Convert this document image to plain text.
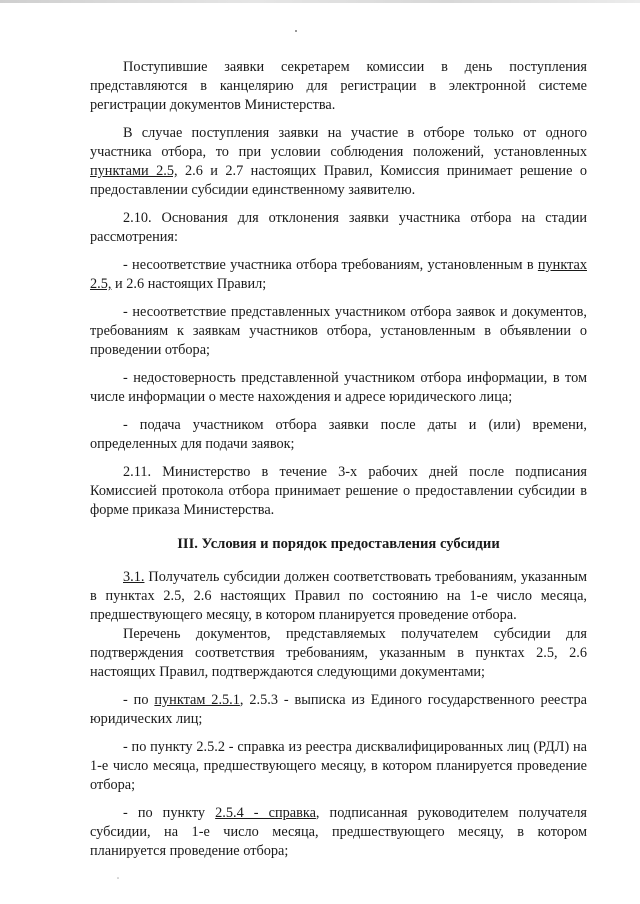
Поступившие заявки секретарем комиссии в день поступления представляются в канцелярию для регистрации в электронной системе регистрации документов Министерства.

В случае поступления заявки на участие в отборе только от одного участника отбора, то при условии соблюдения положений, установленных пунктами 2.5, 2.6 и 2.7 настоящих Правил, Комиссия принимает решение о предоставлении субсидии единственному заявителю.

2.10. Основания для отклонения заявки участника отбора на стадии рассмотрения:

- несоответствие участника отбора требованиям, установленным в пунктах 2.5, и 2.6 настоящих Правил;

- несоответствие представленных участником отбора заявок и документов, требованиям к заявкам участников отбора, установленным в объявлении о проведении отбора;

- недостоверность представленной участником отбора информации, в том числе информации о месте нахождения и адресе юридического лица;

- подача участником отбора заявки после даты и (или) времени, определенных для подачи заявок;

2.11. Министерство в течение 3-х рабочих дней после подписания Комиссией протокола отбора принимает решение о предоставлении субсидии в форме приказа Министерства.

III. Условия и порядок предоставления субсидии

3.1. Получатель субсидии должен соответствовать требованиям, указанным в пунктах 2.5, 2.6 настоящих Правил по состоянию на 1-е число месяца, предшествующего месяцу, в котором планируется проведение отбора.

Перечень документов, представляемых получателем субсидии для подтверждения соответствия требованиям, указанным в пунктах 2.5, 2.6 настоящих Правил, подтверждаются следующими документами;

- по пунктам 2.5.1, 2.5.3 - выписка из Единого государственного реестра юридических лиц;

- по пункту 2.5.2 - справка из реестра дисквалифицированных лиц (РДЛ) на 1-е число месяца, предшествующего месяцу, в котором планируется проведение отбора;

- по пункту 2.5.4 - справка, подписанная руководителем получателя субсидии, на 1-е число месяца, предшествующего месяцу, в котором планируется проведение отбора;
